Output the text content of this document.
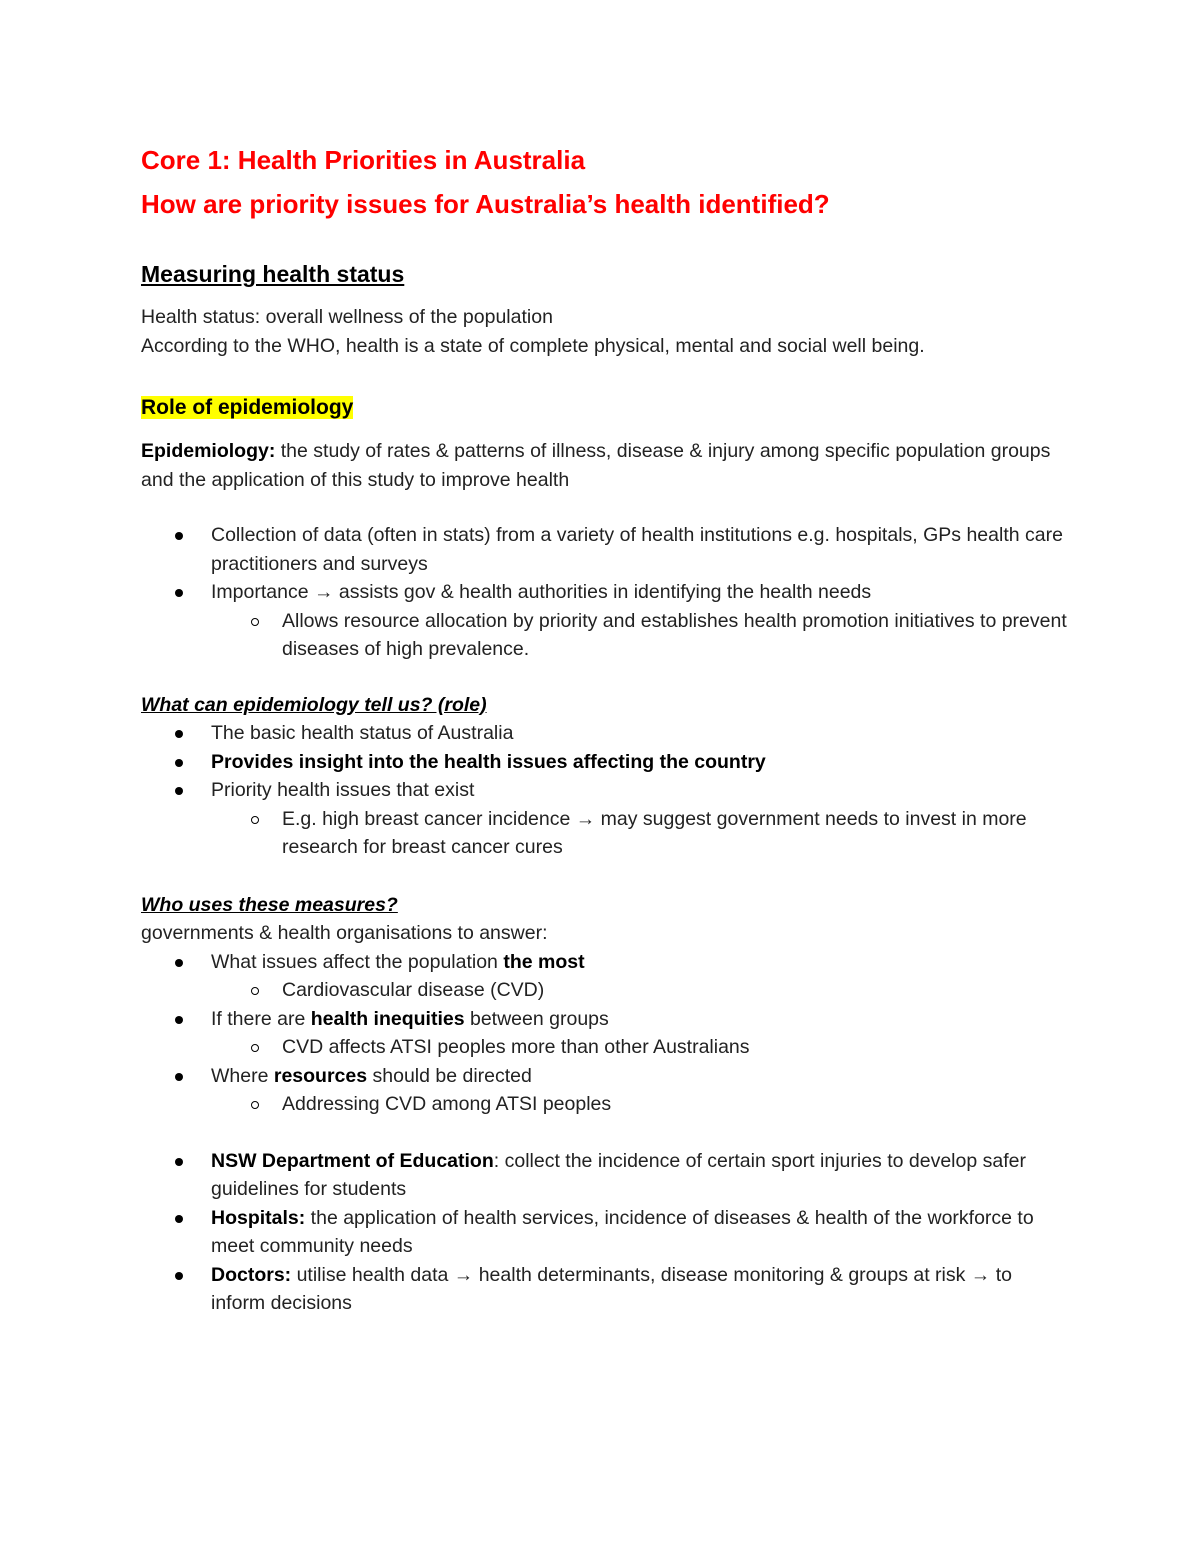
Core 1: Health Priorities in Australia
How are priority issues for Australia’s health identified?
Measuring health status

Health status: overall wellness of the population

According to the WHO, health is a state of complete physical, mental and social well being.

Role of epidemiology

Epidemiology: the study of rates & patterns of illness, disease & injury among specific population groups and the application of this study to improve health

Collection of data (often in stats) from a variety of health institutions e.g. hospitals, GPs health care practitioners and surveys
Importance → assists gov & health authorities in identifying the health needs
Allows resource allocation by priority and establishes health promotion initiatives to prevent diseases of high prevalence.
What can epidemiology tell us? (role)
The basic health status of Australia
Provides insight into the health issues affecting the country
Priority health issues that exist
E.g. high breast cancer incidence → may suggest government needs to invest in more research for breast cancer cures
Who uses these measures?

governments & health organisations to answer:

What issues affect the population the most
Cardiovascular disease (CVD)
If there are health inequities between groups
CVD affects ATSI peoples more than other Australians
Where resources should be directed
Addressing CVD among ATSI peoples
NSW Department of Education: collect the incidence of certain sport injuries to develop safer guidelines for students
Hospitals: the application of health services, incidence of diseases & health of the workforce to meet community needs
Doctors: utilise health data → health determinants, disease monitoring & groups at risk → to inform decisions
